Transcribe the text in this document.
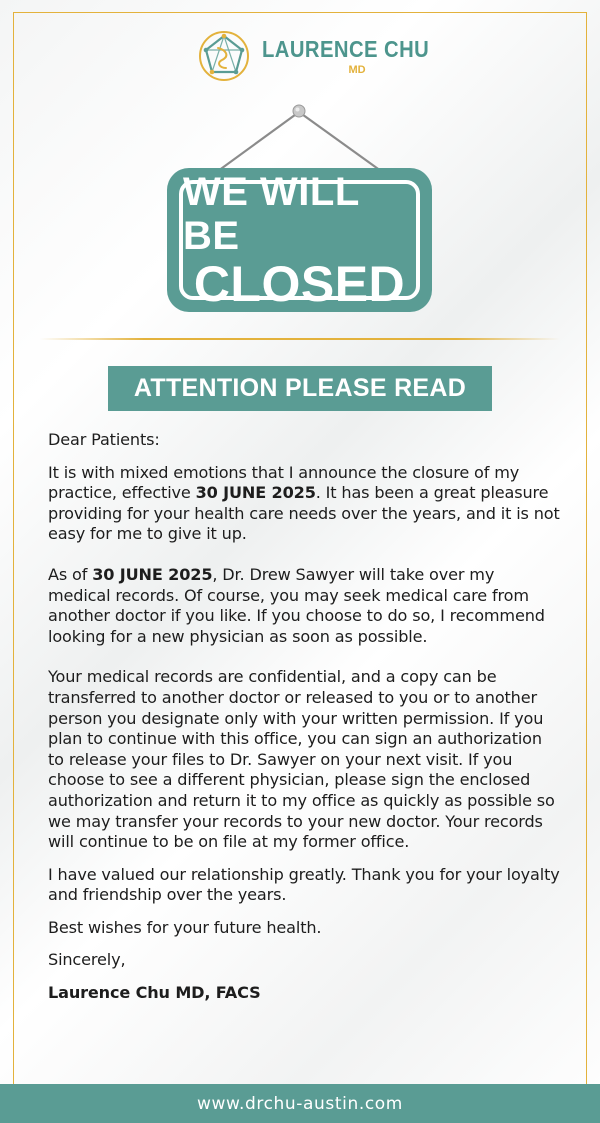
LAURENCE CHU
MD
WE WILL BE
CLOSED
ATTENTION PLEASE READ

Dear Patients:

It is with mixed emotions that I announce the closure of my practice, effective 30 JUNE 2025. It has been a great pleasure providing for your health care needs over the years, and it is not easy for me to give it up.

As of 30 JUNE 2025, Dr. Drew Sawyer will take over my medical records. Of course, you may seek medical care from another doctor if you like. If you choose to do so, I recommend looking for a new physician as soon as possible.

Your medical records are confidential, and a copy can be transferred to another doctor or released to you or to another person you designate only with your written permission. If you plan to continue with this office, you can sign an authorization to release your files to Dr. Sawyer on your next visit. If you choose to see a different physician, please sign the enclosed authorization and return it to my office as quickly as possible so we may transfer your records to your new doctor. Your records will continue to be on file at my former office.

I have valued our relationship greatly. Thank you for your loyalty and friendship over the years.

Best wishes for your future health.

Sincerely,

Laurence Chu MD, FACS

www.drchu-austin.com
